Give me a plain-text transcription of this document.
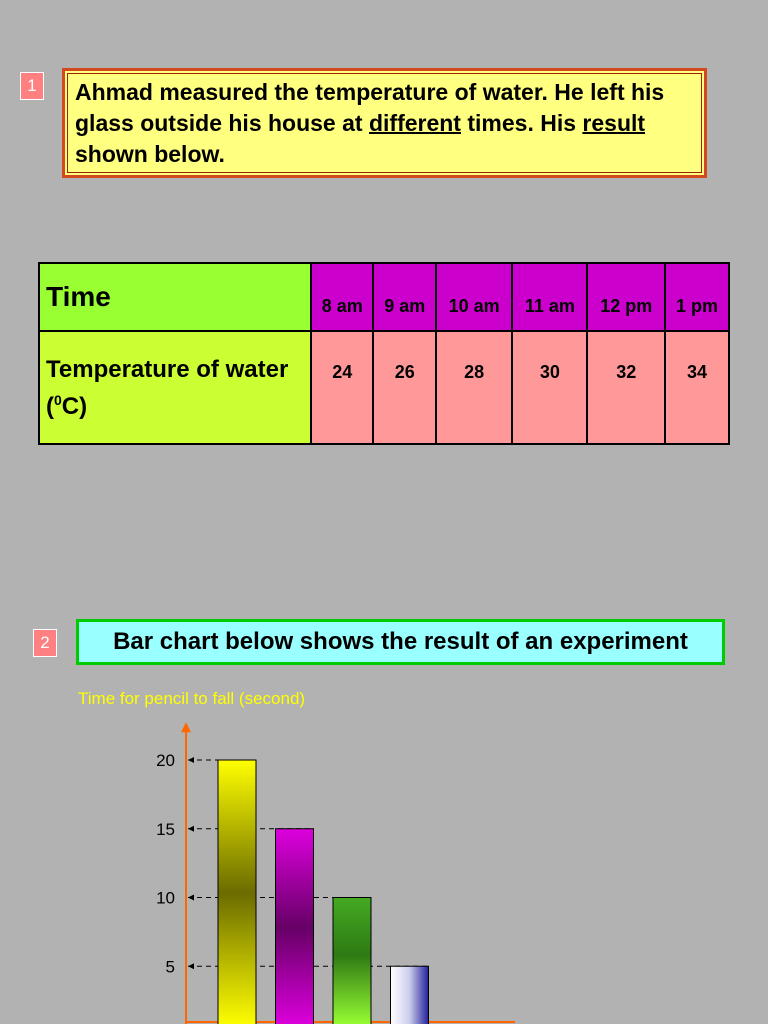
1	Ahmad measured the temperature of water. He left his glass outside his house at different times. His result shown below.
Time	8 am	9 am	10 am	11 am	12 pm	1 pm
Temperature of water ($^0$C)	24	26	28	30	32	34
2	Bar chart below shows the result of an experiment
Time for pencil to fall (second)
5
10
15
20
